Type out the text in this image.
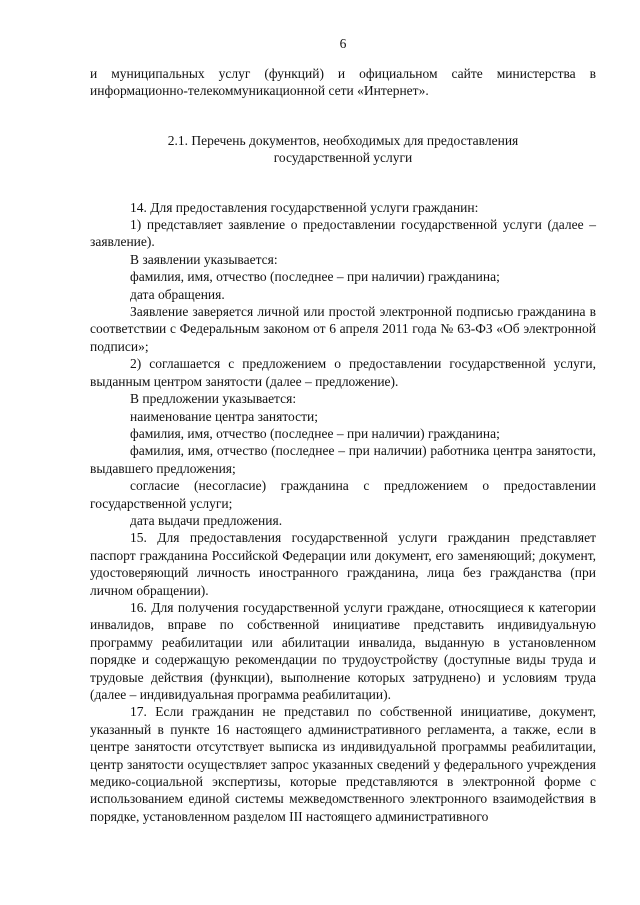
6

и муниципальных услуг (функций) и официальном сайте министерства в информационно-телекоммуникационной сети «Интернет».

2.1. Перечень документов, необходимых для предоставления
государственной услуги

14. Для предоставления государственной услуги гражданин:

1) представляет заявление о предоставлении государственной услуги (далее – заявление).

В заявлении указывается:

фамилия, имя, отчество (последнее – при наличии) гражданина;

дата обращения.

Заявление заверяется личной или простой электронной подписью гражданина в соответствии с Федеральным законом от 6 апреля 2011 года № 63-ФЗ «Об электронной подписи»;

2) соглашается с предложением о предоставлении государственной услуги, выданным центром занятости (далее – предложение).

В предложении указывается:

наименование центра занятости;

фамилия, имя, отчество (последнее – при наличии) гражданина;

фамилия, имя, отчество (последнее – при наличии) работника центра занятости, выдавшего предложения;

согласие (несогласие) гражданина с предложением о предоставлении государственной услуги;

дата выдачи предложения.

15. Для предоставления государственной услуги гражданин представляет паспорт гражданина Российской Федерации или документ, его заменяющий; документ, удостоверяющий личность иностранного гражданина, лица без гражданства (при личном обращении).

16. Для получения государственной услуги граждане, относящиеся к категории инвалидов, вправе по собственной инициативе представить индивидуальную программу реабилитации или абилитации инвалида, выданную в установленном порядке и содержащую рекомендации по трудоустройству (доступные виды труда и трудовые действия (функции), выполнение которых затруднено) и условиям труда (далее – индивидуальная программа реабилитации).

17. Если гражданин не представил по собственной инициативе, документ, указанный в пункте 16 настоящего административного регламента, а также, если в центре занятости отсутствует выписка из индивидуальной программы реабилитации, центр занятости осуществляет запрос указанных сведений у федерального учреждения медико-социальной экспертизы, которые представляются в электронной форме с использованием единой системы межведомственного электронного взаимодействия в порядке, установленном разделом III настоящего административного
